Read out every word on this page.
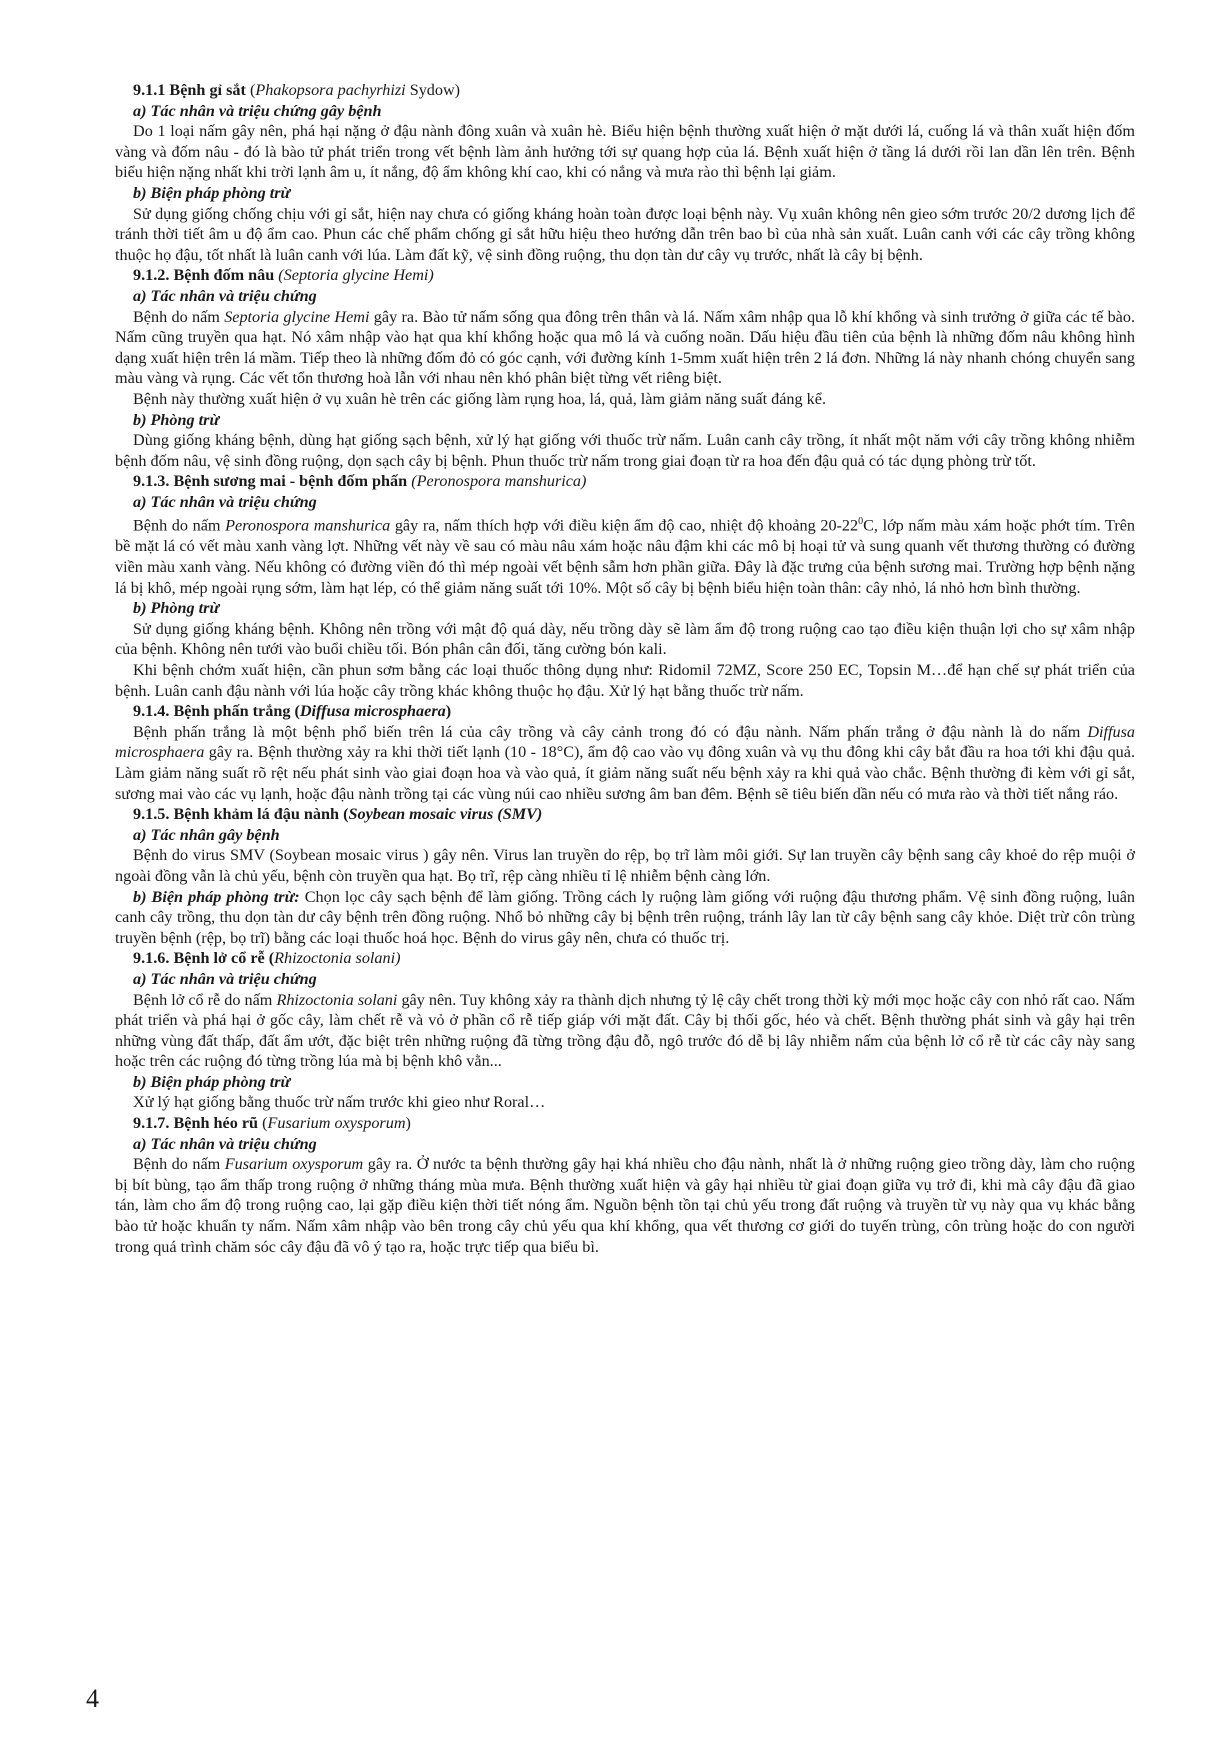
9.1.1 Bệnh gỉ sắt (Phakopsora pachyrhizi Sydow)

a) Tác nhân và triệu chứng gây bệnh

Do 1 loại nấm gây nên, phá hại nặng ở đậu nành đông xuân và xuân hè. Biểu hiện bệnh thường xuất hiện ở mặt dưới lá, cuống lá và thân xuất hiện đốm vàng và đốm nâu - đó là bào tử phát triển trong vết bệnh làm ảnh hưởng tới sự quang hợp của lá. Bệnh xuất hiện ở tầng lá dưới rồi lan dần lên trên. Bệnh biểu hiện nặng nhất khi trời lạnh âm u, ít nắng, độ ẩm không khí cao, khi có nắng và mưa rào thì bệnh lại giảm.

b) Biện pháp phòng trừ

Sử dụng giống chống chịu với gỉ sắt, hiện nay chưa có giống kháng hoàn toàn được loại bệnh này. Vụ xuân không nên gieo sớm trước 20/2 dương lịch để tránh thời tiết âm u độ ẩm cao. Phun các chế phẩm chống gỉ sắt hữu hiệu theo hướng dẫn trên bao bì của nhà sản xuất. Luân canh với các cây trồng không thuộc họ đậu, tốt nhất là luân canh với lúa. Làm đất kỹ, vệ sinh đồng ruộng, thu dọn tàn dư cây vụ trước, nhất là cây bị bệnh.

9.1.2. Bệnh đốm nâu (Septoria glycine Hemi)

a) Tác nhân và triệu chứng

Bệnh do nấm Septoria glycine Hemi gây ra. Bào tử nấm sống qua đông trên thân và lá. Nấm xâm nhập qua lỗ khí khổng và sinh trưởng ở giữa các tế bào. Nấm cũng truyền qua hạt. Nó xâm nhập vào hạt qua khí khổng hoặc qua mô lá và cuống noãn. Dấu hiệu đầu tiên của bệnh là những đốm nâu không hình dạng xuất hiện trên lá mầm. Tiếp theo là những đốm đỏ có góc cạnh, với đường kính 1-5mm xuất hiện trên 2 lá đơn. Những lá này nhanh chóng chuyển sang màu vàng và rụng. Các vết tổn thương hoà lẫn với nhau nên khó phân biệt từng vết riêng biệt.

Bệnh này thường xuất hiện ở vụ xuân hè trên các giống làm rụng hoa, lá, quả, làm giảm năng suất đáng kể.

b) Phòng trừ

Dùng giống kháng bệnh, dùng hạt giống sạch bệnh, xử lý hạt giống với thuốc trừ nấm. Luân canh cây trồng, ít nhất một năm với cây trồng không nhiễm bệnh đốm nâu, vệ sinh đồng ruộng, dọn sạch cây bị bệnh. Phun thuốc trừ nấm trong giai đoạn từ ra hoa đến đậu quả có tác dụng phòng trừ tốt.

9.1.3. Bệnh sương mai - bệnh đốm phấn (Peronospora manshurica)

a) Tác nhân và triệu chứng

Bệnh do nấm Peronospora manshurica gây ra, nấm thích hợp với điều kiện ẩm độ cao, nhiệt độ khoảng $20-22^0C$, lớp nấm màu xám hoặc phớt tím. Trên bề mặt lá có vết màu xanh vàng lợt. Những vết này về sau có màu nâu xám hoặc nâu đậm khi các mô bị hoại tử và sung quanh vết thương thường có đường viền màu xanh vàng. Nếu không có đường viền đó thì mép ngoài vết bệnh sẫm hơn phần giữa. Đây là đặc trưng của bệnh sương mai. Trường hợp bệnh nặng lá bị khô, mép ngoài rụng sớm, làm hạt lép, có thể giảm năng suất tới 10%. Một số cây bị bệnh biểu hiện toàn thân: cây nhỏ, lá nhỏ hơn bình thường.

b) Phòng trừ

Sử dụng giống kháng bệnh. Không nên trồng với mật độ quá dày, nếu trồng dày sẽ làm ẩm độ trong ruộng cao tạo điều kiện thuận lợi cho sự xâm nhập của bệnh. Không nên tưới vào buổi chiều tối. Bón phân cân đối, tăng cường bón kali.

Khi bệnh chớm xuất hiện, cần phun sơm bằng các loại thuốc thông dụng như: Ridomil 72MZ, Score 250 EC, Topsin M…để hạn chế sự phát triển của bệnh. Luân canh đậu nành với lúa hoặc cây trồng khác không thuộc họ đậu. Xử lý hạt bằng thuốc trừ nấm.

9.1.4. Bệnh phấn trắng (Diffusa microsphaera)

Bệnh phấn trắng là một bệnh phổ biến trên lá của cây trồng và cây cảnh trong đó có đậu nành. Nấm phấn trắng ở đậu nành là do nấm Diffusa microsphaera gây ra. Bệnh thường xảy ra khi thời tiết lạnh (10 - 18°C), ẩm độ cao vào vụ đông xuân và vụ thu đông khi cây bắt đầu ra hoa tới khi đậu quả. Làm giảm năng suất rõ rệt nếu phát sinh vào giai đoạn hoa và vào quả, ít giảm năng suất nếu bệnh xảy ra khi quả vào chắc. Bệnh thường đi kèm với gỉ sắt, sương mai vào các vụ lạnh, hoặc đậu nành trồng tại các vùng núi cao nhiều sương âm ban đêm. Bệnh sẽ tiêu biến dần nếu có mưa rào và thời tiết nắng ráo.

9.1.5. Bệnh khảm lá đậu nành (Soybean mosaic virus (SMV)

a) Tác nhân gây bệnh

Bệnh do virus SMV (Soybean mosaic virus ) gây nên. Virus lan truyền do rệp, bọ trĩ làm môi giới. Sự lan truyền cây bệnh sang cây khoẻ do rệp muội ở ngoài đồng vẫn là chủ yếu, bệnh còn truyền qua hạt. Bọ trĩ, rệp càng nhiều tỉ lệ nhiễm bệnh càng lớn.

b) Biện pháp phòng trừ: Chọn lọc cây sạch bệnh để làm giống. Trồng cách ly ruộng làm giống với ruộng đậu thương phẩm. Vệ sinh đồng ruộng, luân canh cây trồng, thu dọn tàn dư cây bệnh trên đồng ruộng. Nhổ bỏ những cây bị bệnh trên ruộng, tránh lây lan từ cây bệnh sang cây khỏe. Diệt trừ côn trùng truyền bệnh (rệp, bọ trĩ) bằng các loại thuốc hoá học. Bệnh do virus gây nên, chưa có thuốc trị.

9.1.6. Bệnh lở cổ rễ (Rhizoctonia solani)

a) Tác nhân và triệu chứng

Bệnh lở cổ rễ do nấm Rhizoctonia solani gây nên. Tuy không xảy ra thành dịch nhưng tỷ lệ cây chết trong thời kỳ mới mọc hoặc cây con nhỏ rất cao. Nấm phát triển và phá hại ở gốc cây, làm chết rễ và vỏ ở phần cổ rễ tiếp giáp với mặt đất. Cây bị thối gốc, héo và chết. Bệnh thường phát sinh và gây hại trên những vùng đất thấp, đất ẩm ướt, đặc biệt trên những ruộng đã từng trồng đậu đỗ, ngô trước đó dễ bị lây nhiễm nấm của bệnh lở cổ rễ từ các cây này sang hoặc trên các ruộng đó từng trồng lúa mà bị bệnh khô vằn...

b) Biện pháp phòng trừ

Xử lý hạt giống bằng thuốc trừ nấm trước khi gieo như Roral…

9.1.7. Bệnh héo rũ (Fusarium oxysporum)

a) Tác nhân và triệu chứng

Bệnh do nấm Fusarium oxysporum gây ra. Ở nước ta bệnh thường gây hại khá nhiều cho đậu nành, nhất là ở những ruộng gieo trồng dày, làm cho ruộng bị bít bùng, tạo ẩm thấp trong ruộng ở những tháng mùa mưa. Bệnh thường xuất hiện và gây hại nhiều từ giai đoạn giữa vụ trở đi, khi mà cây đậu đã giao tán, làm cho ẩm độ trong ruộng cao, lại gặp điều kiện thời tiết nóng ẩm. Nguồn bệnh tồn tại chủ yếu trong đất ruộng và truyền từ vụ này qua vụ khác bằng bào tử hoặc khuẩn ty nấm. Nấm xâm nhập vào bên trong cây chủ yếu qua khí khổng, qua vết thương cơ giới do tuyến trùng, côn trùng hoặc do con người trong quá trình chăm sóc cây đậu đã vô ý tạo ra, hoặc trực tiếp qua biểu bì.

4
